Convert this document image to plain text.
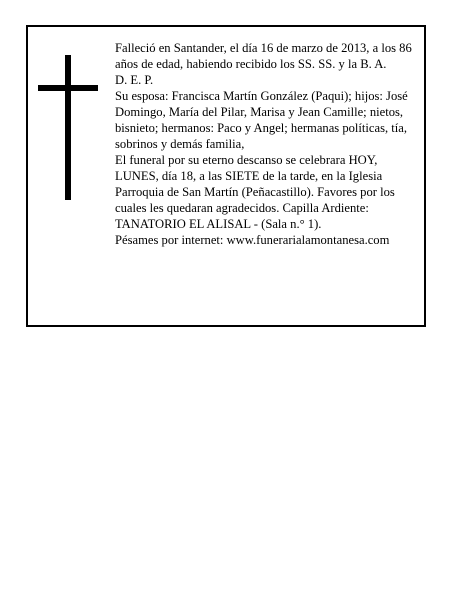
Falleció en Santander, el día 16 de marzo de 2013, a los 86 años de edad, habiendo recibido los SS. SS. y la B. A.

D. E. P.

Su esposa: Francisca Martín González (Paqui); hijos: José Domingo, María del Pilar, Marisa y Jean Camille; nietos, bisnieto; hermanos: Paco y Angel; hermanas políticas, tía, sobrinos y demás familia,

El funeral por su eterno descanso se celebrara HOY, LUNES, día 18, a las SIETE de la tarde, en la Iglesia Parroquia de San Martín (Peñacastillo). Favores por los cuales les quedaran agradecidos. Capilla Ardiente: TANATORIO EL ALISAL - (Sala n.° 1).

Pésames por internet: www.funerarialamontanesa.com
